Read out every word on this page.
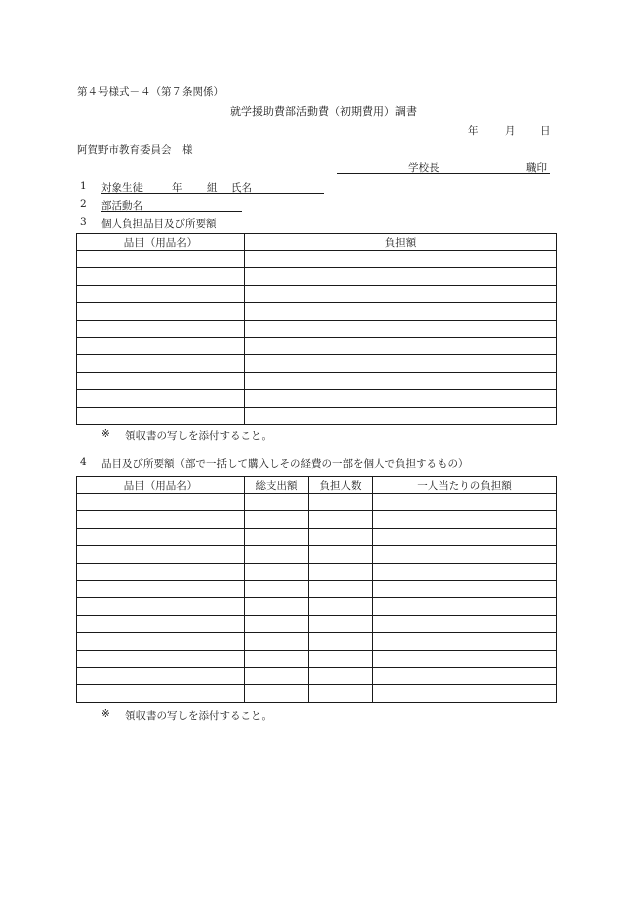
第４号様式－４（第７条関係）
就学援助費部活動費（初期費用）調書
年	月 日
阿賀野市教育委員会　様
学校長	職印
1 対象生徒	年 組 氏名
2 部活動名
3 個人負担品目及び所要額
品目（用品名）	負担額

※ 領収書の写しを添付すること。
4 品目及び所要額（部で一括して購入しその経費の一部を個人で負担するもの）
品目（用品名）	総支出額	負担人数	一人当たりの負担額

※ 領収書の写しを添付すること。
